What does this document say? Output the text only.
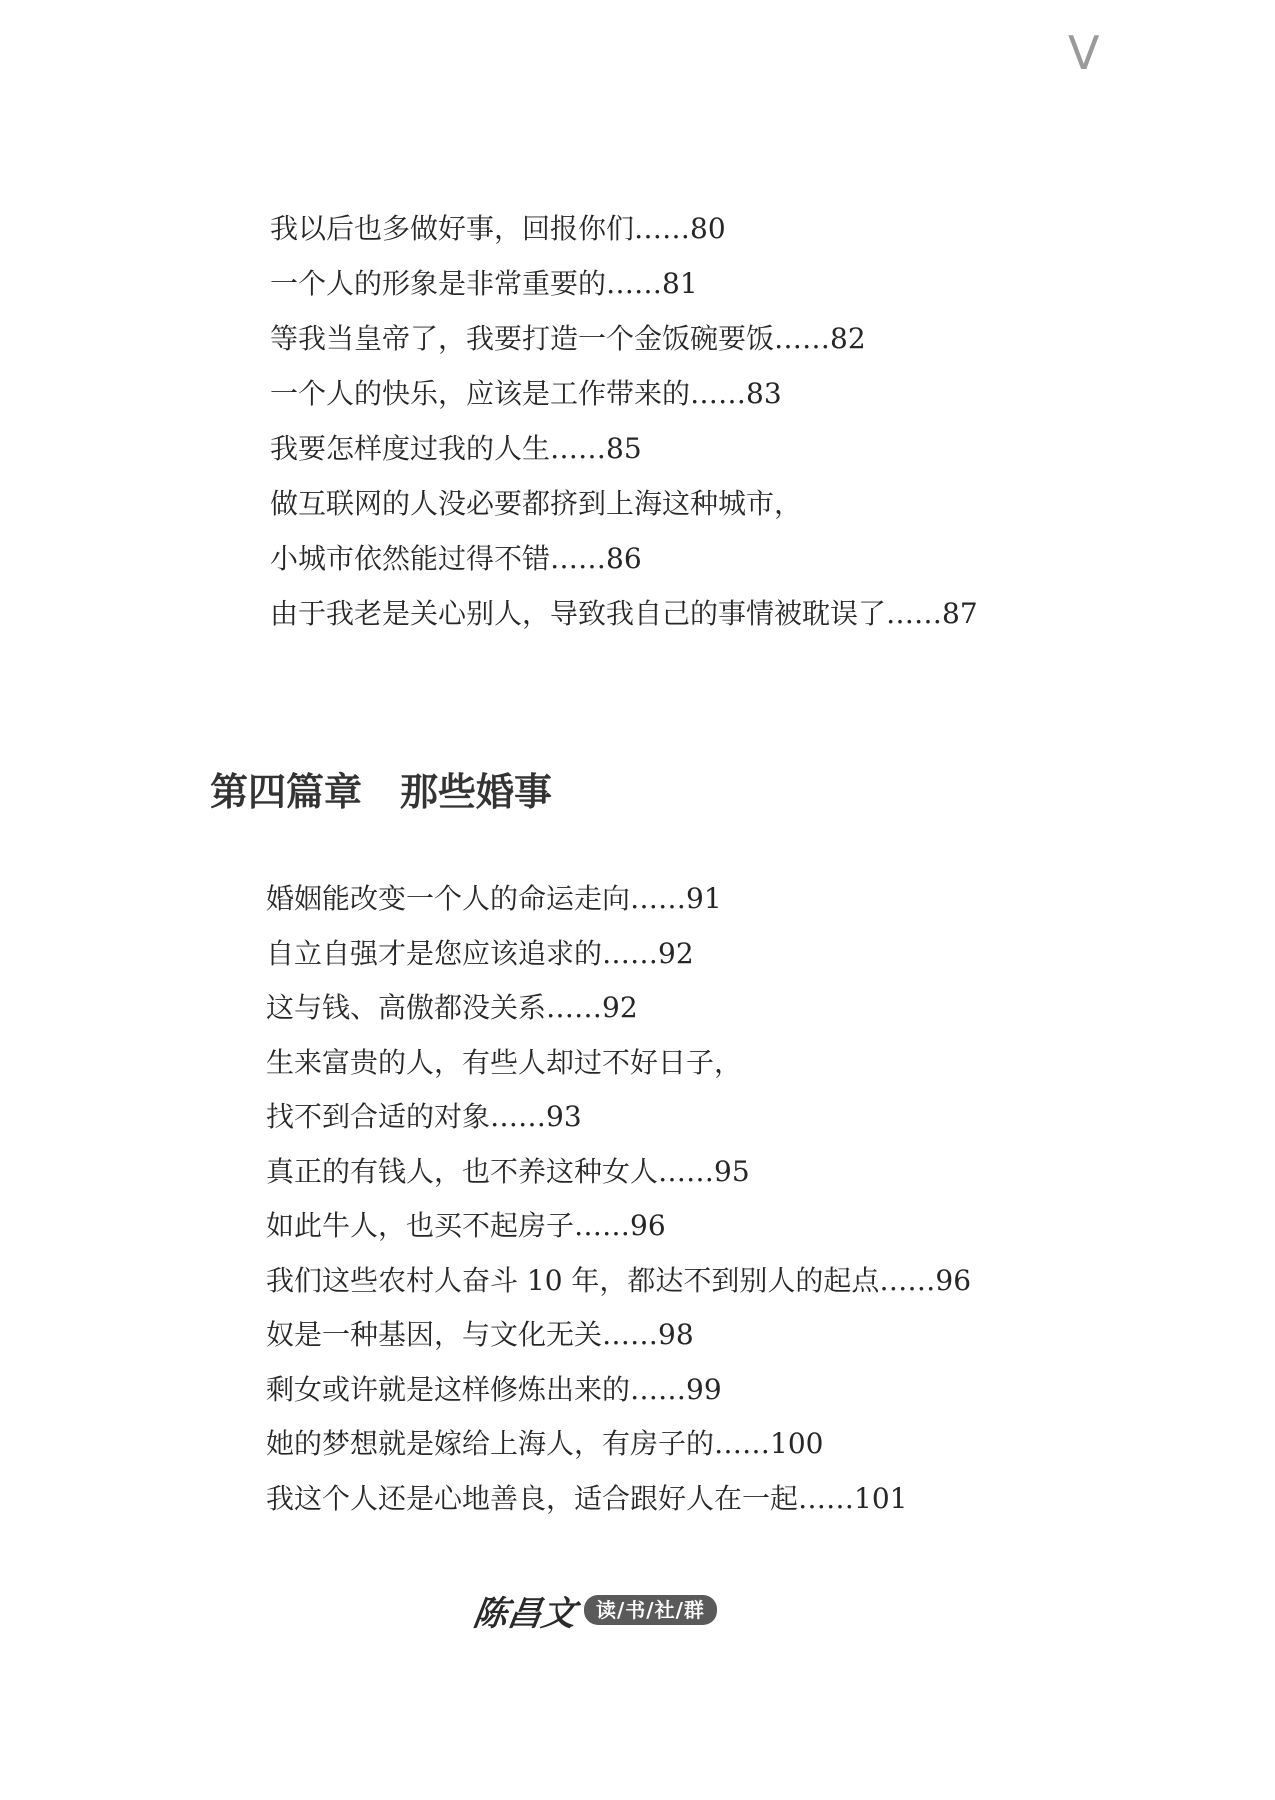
V
我以后也多做好事，回报你们……80
一个人的形象是非常重要的……81
等我当皇帝了，我要打造一个金饭碗要饭……82
一个人的快乐，应该是工作带来的……83
我要怎样度过我的人生……85
做互联网的人没必要都挤到上海这种城市，
小城市依然能过得不错……86
由于我老是关心别人，导致我自己的事情被耽误了……87
第四篇章　那些婚事
婚姻能改变一个人的命运走向……91
自立自强才是您应该追求的……92
这与钱、高傲都没关系……92
生来富贵的人，有些人却过不好日子，
找不到合适的对象……93
真正的有钱人，也不养这种女人……95
如此牛人，也买不起房子……96
我们这些农村人奋斗 10 年，都达不到别人的起点……96
奴是一种基因，与文化无关……98
剩女或许就是这样修炼出来的……99
她的梦想就是嫁给上海人，有房子的……100
我这个人还是心地善良，适合跟好人在一起……101
陈昌文 读/书/社/群
